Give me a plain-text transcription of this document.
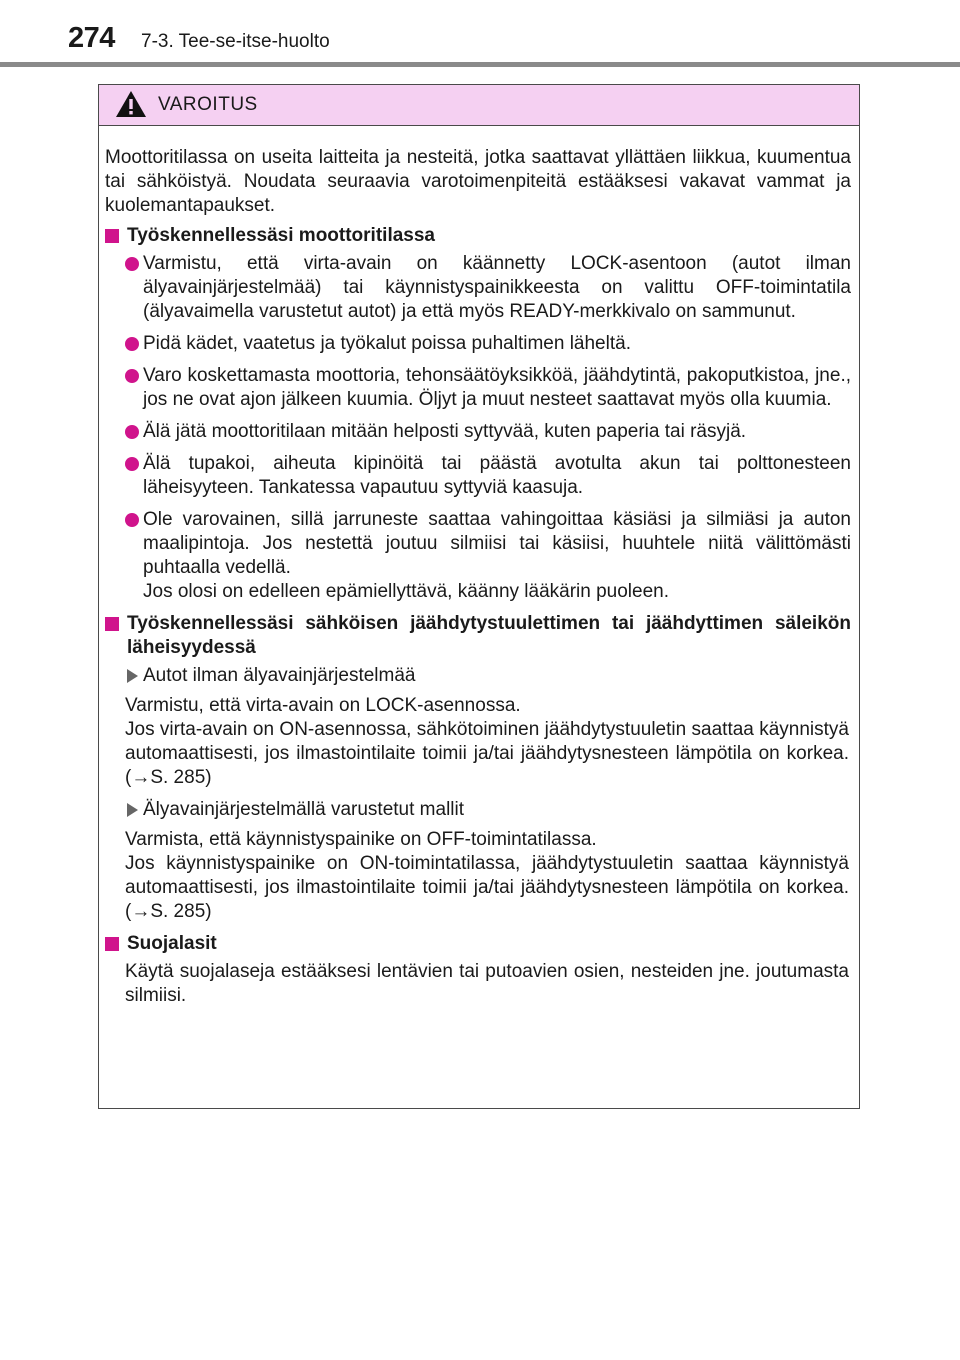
274 7-3. Tee-se-itse-huolto
VAROITUS

Moottoritilassa on useita laitteita ja nesteitä, jotka saattavat yllättäen liikkua, kuumentua tai sähköistyä. Noudata seuraavia varotoimenpiteitä estääksesi vakavat vammat ja kuolemantapaukset.

Työskennellessäsi moottoritilassa
Varmistu, että virta-avain on käännetty LOCK-asentoon (autot ilman älyavainjärjestelmää) tai käynnistyspainikkeesta on valittu OFF-toimintatila (älyavaimella varustetut autot) ja että myös READY-merkkivalo on sammunut.
Pidä kädet, vaatetus ja työkalut poissa puhaltimen läheltä.
Varo koskettamasta moottoria, tehonsäätöyksikköä, jäähdytintä, pakoputkistoa, jne., jos ne ovat ajon jälkeen kuumia. Öljyt ja muut nesteet saattavat myös olla kuumia.
Älä jätä moottoritilaan mitään helposti syttyvää, kuten paperia tai räsyjä.
Älä tupakoi, aiheuta kipinöitä tai päästä avotulta akun tai polttonesteen läheisyyteen. Tankatessa vapautuu syttyviä kaasuja.

Ole varovainen, sillä jarruneste saattaa vahingoittaa käsiäsi ja silmiäsi ja auton maalipintoja. Jos nestettä joutuu silmiisi tai käsiisi, huuhtele niitä välittömästi puhtaalla vedellä.

Jos olosi on edelleen epämiellyttävä, käänny lääkärin puoleen.

Työskennellessäsi sähköisen jäähdytystuulettimen tai jäähdyttimen säleikön läheisyydessä
Autot ilman älyavainjärjestelmää

Varmistu, että virta-avain on LOCK-asennossa.

Jos virta-avain on ON-asennossa, sähkötoiminen jäähdytystuuletin saattaa käynnistyä automaattisesti, jos ilmastointilaite toimii ja/tai jäähdytysnesteen lämpötila on korkea. (→S. 285)

Älyavainjärjestelmällä varustetut mallit

Varmista, että käynnistyspainike on OFF-toimintatilassa.

Jos käynnistyspainike on ON-toimintatilassa, jäähdytystuuletin saattaa käynnistyä automaattisesti, jos ilmastointilaite toimii ja/tai jäähdytysnesteen lämpötila on korkea. (→S. 285)

Suojalasit
Käytä suojalaseja estääksesi lentävien tai putoavien osien, nesteiden jne. joutumasta silmiisi.
